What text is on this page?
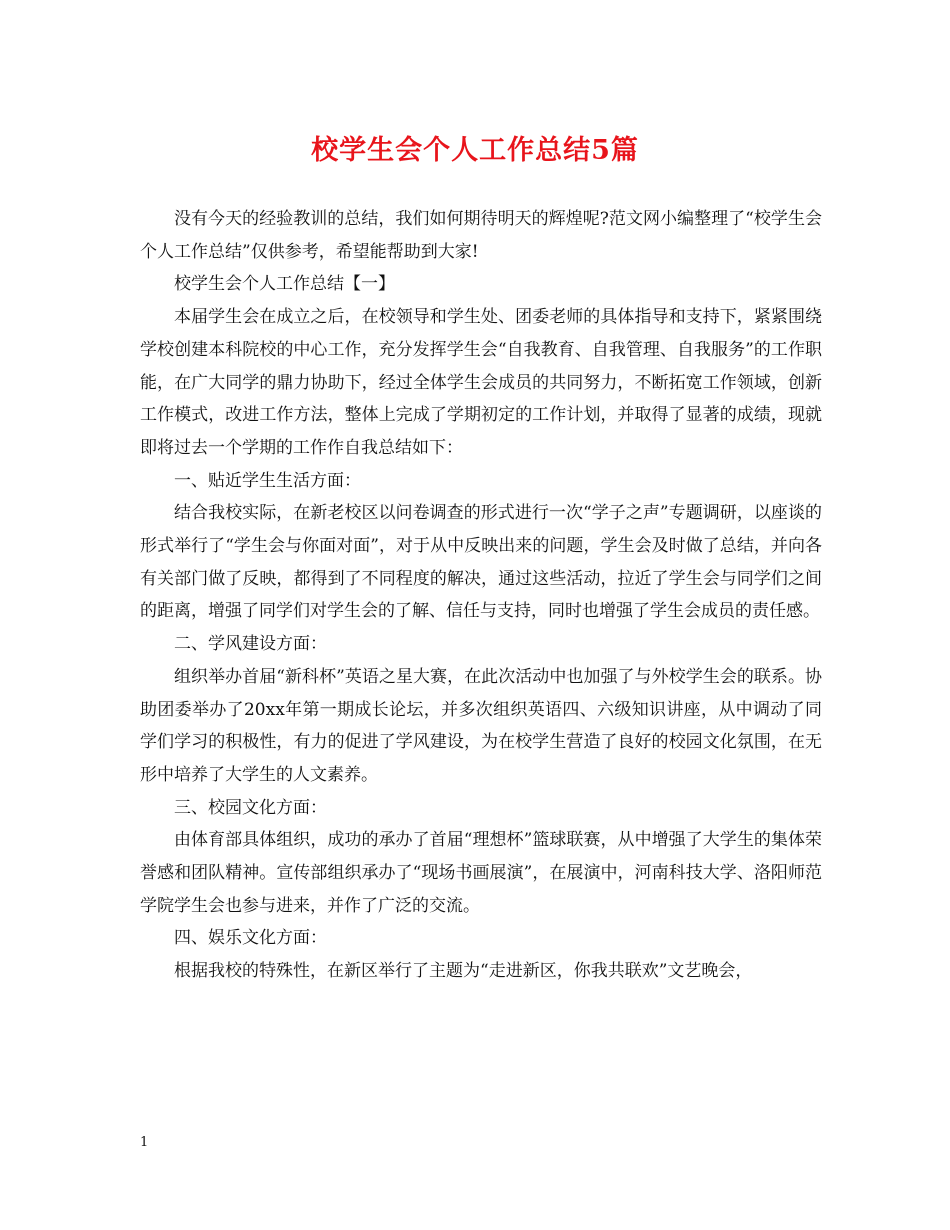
校学生会个人工作总结5篇

没有今天的经验教训的总结，我们如何期待明天的辉煌呢?范文网小编整理了“校学生会个人工作总结”仅供参考，希望能帮助到大家!

校学生会个人工作总结【一】

本届学生会在成立之后，在校领导和学生处、团委老师的具体指导和支持下，紧紧围绕学校创建本科院校的中心工作，充分发挥学生会“自我教育、自我管理、自我服务”的工作职能，在广大同学的鼎力协助下，经过全体学生会成员的共同努力，不断拓宽工作领域，创新工作模式，改进工作方法，整体上完成了学期初定的工作计划，并取得了显著的成绩，现就即将过去一个学期的工作作自我总结如下：

一、贴近学生生活方面：

结合我校实际，在新老校区以问卷调查的形式进行一次“学子之声”专题调研，以座谈的形式举行了“学生会与你面对面”，对于从中反映出来的问题，学生会及时做了总结，并向各有关部门做了反映，都得到了不同程度的解决，通过这些活动，拉近了学生会与同学们之间的距离，增强了同学们对学生会的了解、信任与支持，同时也增强了学生会成员的责任感。

二、学风建设方面：

组织举办首届“新科杯”英语之星大赛，在此次活动中也加强了与外校学生会的联系。协助团委举办了20xx年第一期成长论坛，并多次组织英语四、六级知识讲座，从中调动了同学们学习的积极性，有力的促进了学风建设，为在校学生营造了良好的校园文化氛围，在无形中培养了大学生的人文素养。

三、校园文化方面：

由体育部具体组织，成功的承办了首届“理想杯”篮球联赛，从中增强了大学生的集体荣誉感和团队精神。宣传部组织承办了“现场书画展演”，在展演中，河南科技大学、洛阳师范学院学生会也参与进来，并作了广泛的交流。

四、娱乐文化方面：

根据我校的特殊性，在新区举行了主题为“走进新区，你我共联欢”文艺晚会，

1
